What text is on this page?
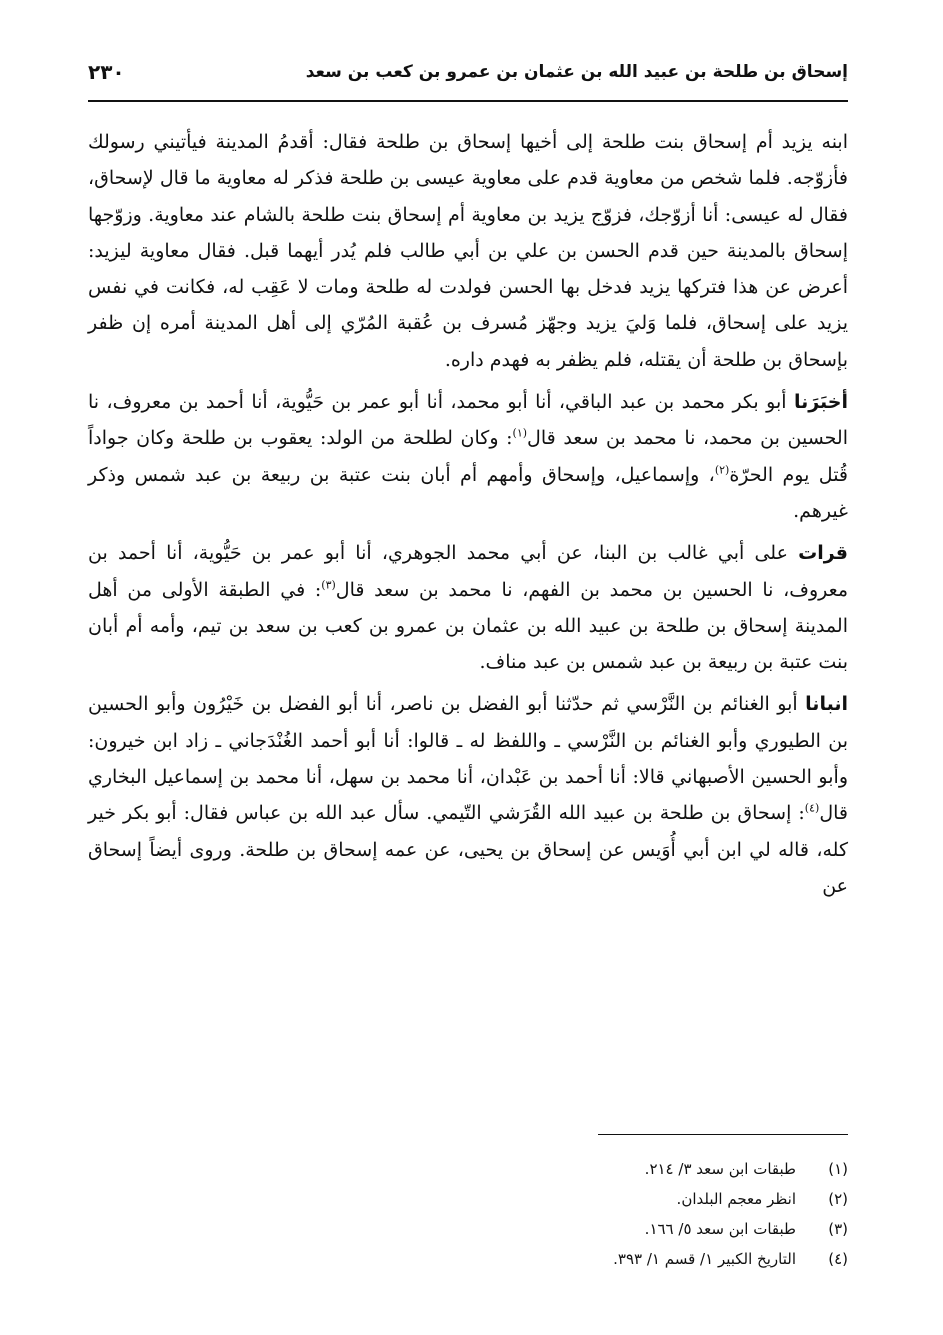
إسحاق بن طلحة بن عبيد الله بن عثمان بن عمرو بن كعب بن سعد
٢٣٠

ابنه يزيد أم إسحاق بنت طلحة إلى أخيها إسحاق بن طلحة فقال: أقدمُ المدينة فيأتيني رسولك فأزوّجه. فلما شخص من معاوية قدم على معاوية عيسى بن طلحة فذكر له معاوية ما قال لإسحاق، فقال له عيسى: أنا أزوّجك، فزوّج يزيد بن معاوية أم إسحاق بنت طلحة بالشام عند معاوية. وزوّجها إسحاق بالمدينة حين قدم الحسن بن علي بن أبي طالب فلم يُدر أيهما قبل. فقال معاوية ليزيد: أعرض عن هذا فتركها يزيد فدخل بها الحسن فولدت له طلحة ومات لا عَقِب له، فكانت في نفس يزيد على إسحاق، فلما وَليَ يزيد وجهّز مُسرف بن عُقبة المُرّي إلى أهل المدينة أمره إن ظفر بإسحاق بن طلحة أن يقتله، فلم يظفر به فهدم داره.

أخبَرَنا أبو بكر محمد بن عبد الباقي، أنا أبو محمد، أنا أبو عمر بن حَيُّوية، أنا أحمد بن معروف، نا الحسين بن محمد، نا محمد بن سعد قال$^{(١)}$: وكان لطلحة من الولد: يعقوب بن طلحة وكان جواداً قُتل يوم الحرّة$^{(٢)}$، وإسماعيل، وإسحاق وأمهم أم أبان بنت عتبة بن ربيعة بن عبد شمس وذكر غيرهم.

قرات على أبي غالب بن البنا، عن أبي محمد الجوهري، أنا أبو عمر بن حَيُّوية، أنا أحمد بن معروف، نا الحسين بن محمد بن الفهم، نا محمد بن سعد قال$^{(٣)}$: في الطبقة الأولى من أهل المدينة إسحاق بن طلحة بن عبيد الله بن عثمان بن عمرو بن كعب بن سعد بن تيم، وأمه أم أبان بنت عتبة بن ربيعة بن عبد شمس بن عبد مناف.

انبانا أبو الغنائم بن النَّرْسي ثم حدّثنا أبو الفضل بن ناصر، أنا أبو الفضل بن خَيْرُون وأبو الحسين بن الطيوري وأبو الغنائم بن النَّرْسي ـ واللفظ له ـ قالوا: أنا أبو أحمد الغُنْدَجاني ـ زاد ابن خيرون: وأبو الحسين الأصبهاني قالا: أنا أحمد بن عَبْدان، أنا محمد بن سهل، أنا محمد بن إسماعيل البخاري قال$^{(٤)}$: إسحاق بن طلحة بن عبيد الله القُرَشي التّيمي. سأل عبد الله بن عباس فقال: أبو بكر خير كله، قاله لي ابن أبي أُوَيس عن إسحاق بن يحيى، عن عمه إسحاق بن طلحة. وروى أيضاً إسحاق عن

(١)طبقات ابن سعد ٣/ ٢١٤.
(٢)انظر معجم البلدان.
(٣)طبقات ابن سعد ٥/ ١٦٦.
(٤)التاريخ الكبير ١/ قسم ١/ ٣٩٣.
